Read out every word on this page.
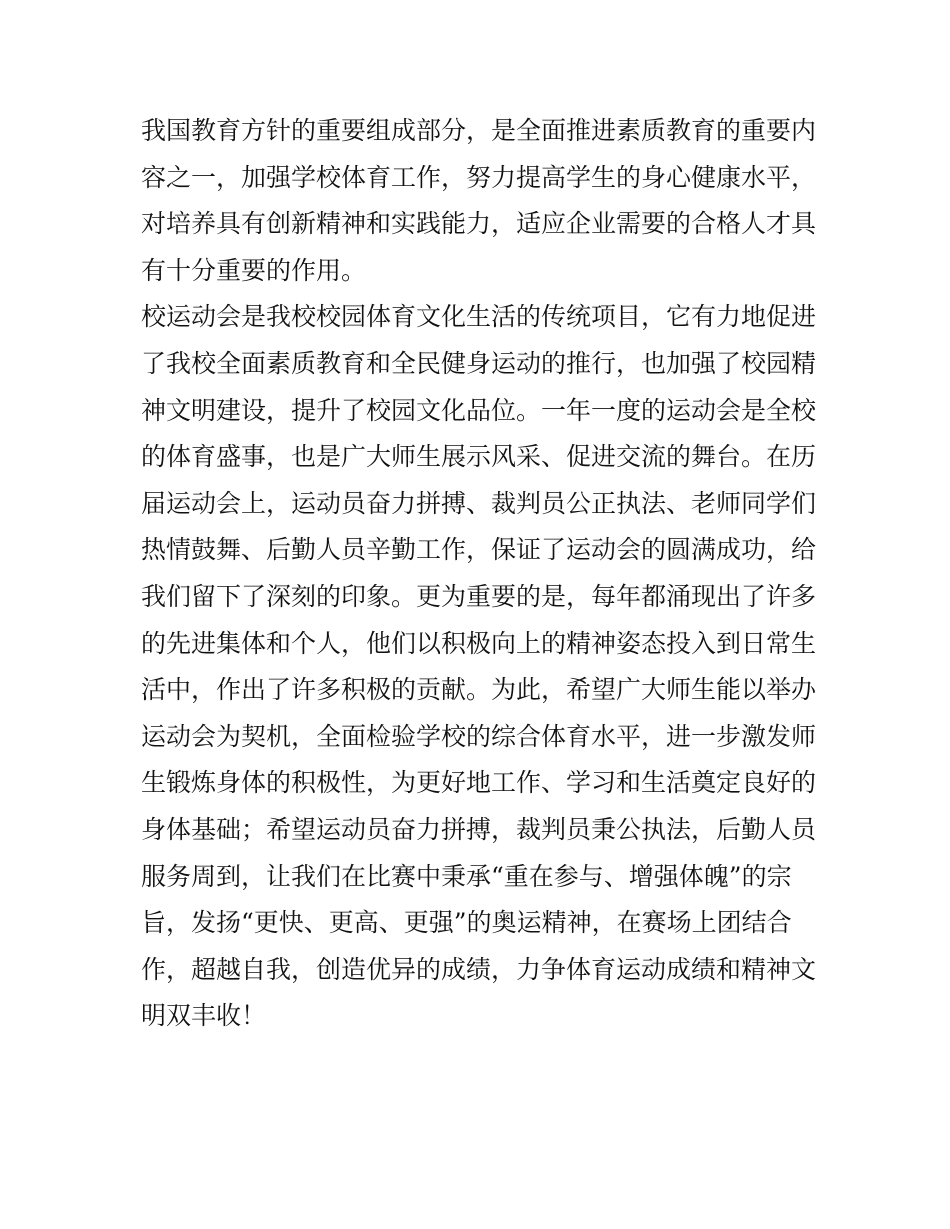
我国教育方针的重要组成部分，是全面推进素质教育的重要内
容之一，加强学校体育工作，努力提高学生的身心健康水平，
对培养具有创新精神和实践能力，适应企业需要的合格人才具
有十分重要的作用。
校运动会是我校校园体育文化生活的传统项目，它有力地促进
了我校全面素质教育和全民健身运动的推行，也加强了校园精
神文明建设，提升了校园文化品位。一年一度的运动会是全校
的体育盛事，也是广大师生展示风采、促进交流的舞台。在历
届运动会上，运动员奋力拼搏、裁判员公正执法、老师同学们
热情鼓舞、后勤人员辛勤工作，保证了运动会的圆满成功，给
我们留下了深刻的印象。更为重要的是，每年都涌现出了许多
的先进集体和个人，他们以积极向上的精神姿态投入到日常生
活中，作出了许多积极的贡献。为此，希望广大师生能以举办
运动会为契机，全面检验学校的综合体育水平，进一步激发师
生锻炼身体的积极性，为更好地工作、学习和生活奠定良好的
身体基础；希望运动员奋力拼搏，裁判员秉公执法，后勤人员
服务周到，让我们在比赛中秉承“重在参与、增强体魄”的宗
旨，发扬“更快、更高、更强”的奥运精神，在赛场上团结合
作，超越自我，创造优异的成绩，力争体育运动成绩和精神文
明双丰收！
